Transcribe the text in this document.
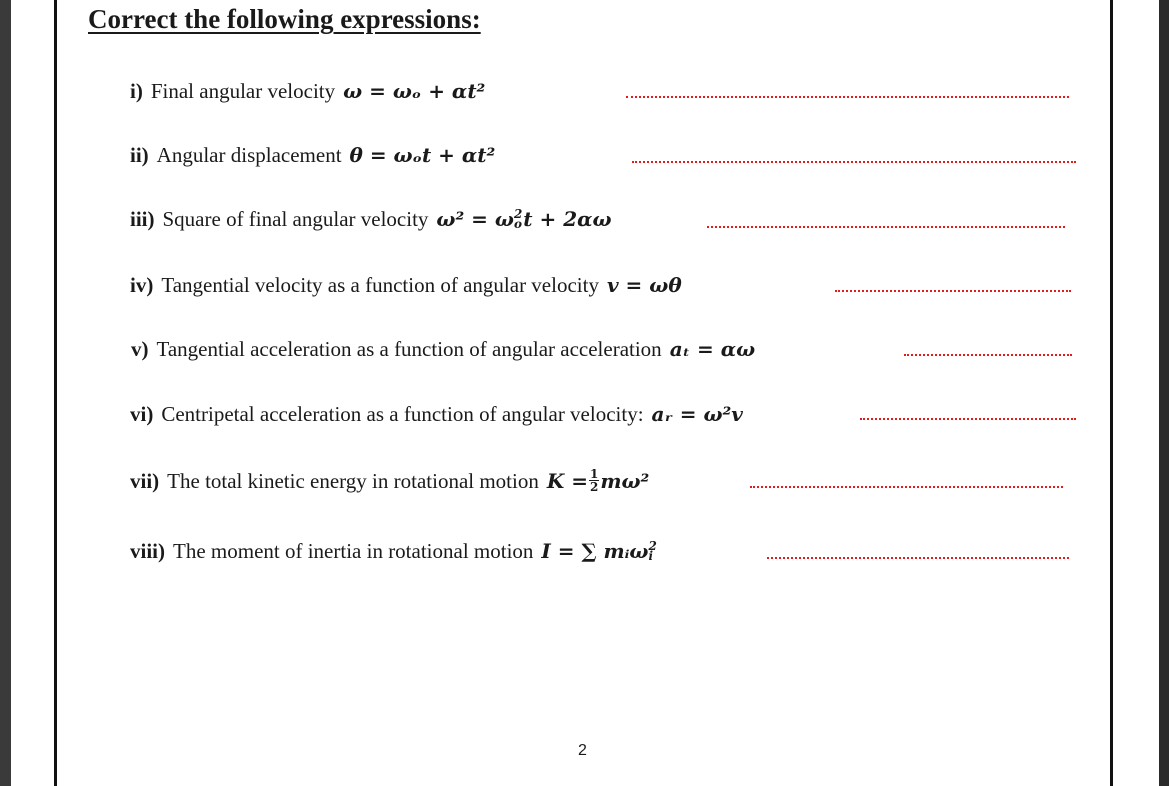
Correct the following expressions:
i) Final angular velocity ω = ωₒ + αt²
ii) Angular displacement θ = ωₒt + αt²
iii) Square of final angular velocity ω² = ω 2
o t + 2αω
iv) Tangential velocity as a function of angular velocity v = ωθ
v) Tangential acceleration as a function of angular acceleration aₜ = αω
vi) Centripetal acceleration as a function of angular velocity: aᵣ = ω²v
vii) The total kinetic energy in rotational motion $K = \frac{1}{2} m\omega^2$
viii) The moment of inertia in rotational motion I = ∑ mᵢω 2
i
2
